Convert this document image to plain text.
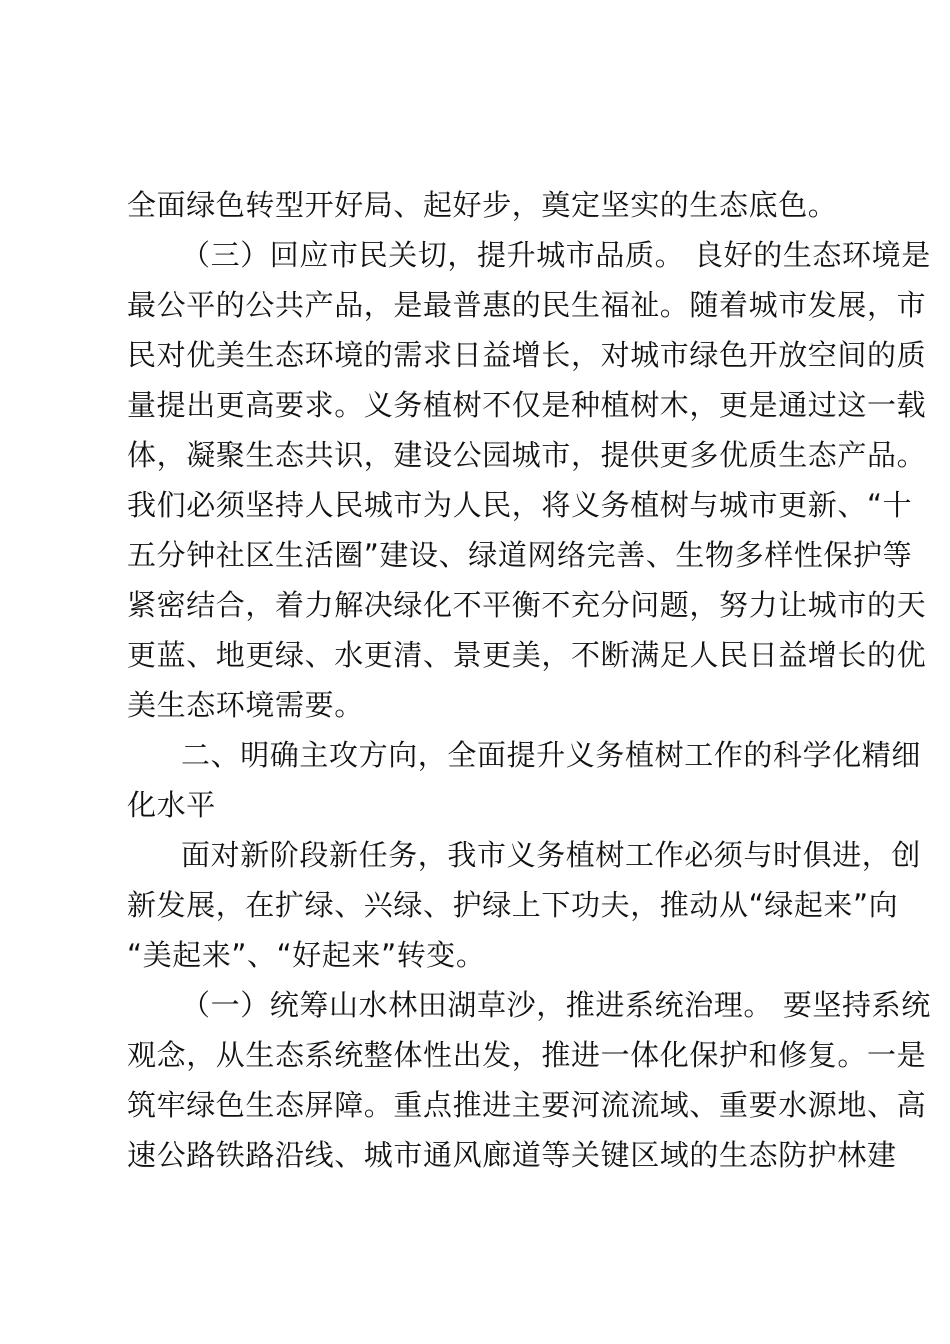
全面绿色转型开好局、起好步，奠定坚实的生态底色。
（三）回应市民关切，提升城市品质。 良好的生态环境是
最公平的公共产品，是最普惠的民生福祉。随着城市发展，市
民对优美生态环境的需求日益增长，对城市绿色开放空间的质
量提出更高要求。义务植树不仅是种植树木，更是通过这一载
体，凝聚生态共识，建设公园城市，提供更多优质生态产品。
我们必须坚持人民城市为人民，将义务植树与城市更新、“十
五分钟社区生活圈”建设、绿道网络完善、生物多样性保护等
紧密结合，着力解决绿化不平衡不充分问题，努力让城市的天
更蓝、地更绿、水更清、景更美，不断满足人民日益增长的优
美生态环境需要。
二、明确主攻方向，全面提升义务植树工作的科学化精细
化水平
面对新阶段新任务，我市义务植树工作必须与时俱进，创
新发展，在扩绿、兴绿、护绿上下功夫，推动从“绿起来”向
“美起来”、“好起来”转变。
（一）统筹山水林田湖草沙，推进系统治理。 要坚持系统
观念，从生态系统整体性出发，推进一体化保护和修复。一是
筑牢绿色生态屏障。重点推进主要河流流域、重要水源地、高
速公路铁路沿线、城市通风廊道等关键区域的生态防护林建
